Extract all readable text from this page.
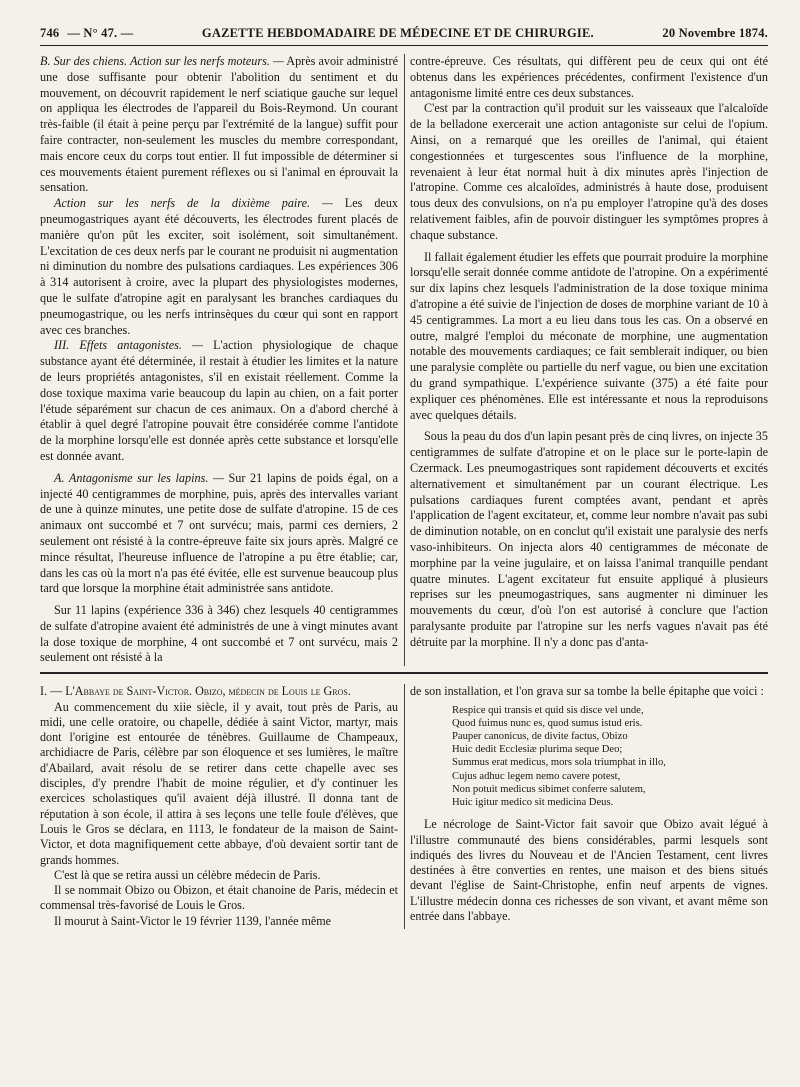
746 — N° 47. —	GAZETTE HEBDOMADAIRE DE MÉDECINE ET DE CHIRURGIE.	20 Novembre 1874.

B. Sur des chiens. Action sur les nerfs moteurs. — Après avoir administré une dose suffisante pour obtenir l'abolition du sentiment et du mouvement, on découvrit rapidement le nerf sciatique gauche sur lequel on appliqua les électrodes de l'appareil du Bois-Reymond. Un courant très-faible (il était à peine perçu par l'extrémité de la langue) suffit pour faire contracter, non-seulement les muscles du membre correspondant, mais encore ceux du corps tout entier. Il fut impossible de déterminer si ces mouvements étaient purement réflexes ou si l'animal en éprouvait la sensation.

Action sur les nerfs de la dixième paire. — Les deux pneumogastriques ayant été découverts, les électrodes furent placés de manière qu'on pût les exciter, soit isolément, soit simultanément. L'excitation de ces deux nerfs par le courant ne produisit ni augmentation ni diminution du nombre des pulsations cardiaques. Les expériences 306 à 314 autorisent à croire, avec la plupart des physiologistes modernes, que le sulfate d'atropine agit en paralysant les branches cardiaques du pneumogastrique, ou les nerfs intrinsèques du cœur qui sont en rapport avec ces branches.

III. Effets antagonistes. — L'action physiologique de chaque substance ayant été déterminée, il restait à étudier les limites et la nature de leurs propriétés antagonistes, s'il en existait réellement. Comme la dose toxique maxima varie beaucoup du lapin au chien, on a fait porter l'étude séparément sur chacun de ces animaux. On a d'abord cherché à établir à quel degré l'atropine pouvait être considérée comme l'antidote de la morphine lorsqu'elle est donnée après cette substance et lorsqu'elle est donnée avant.

A. Antagonisme sur les lapins. — Sur 21 lapins de poids égal, on a injecté 40 centigrammes de morphine, puis, après des intervalles variant de une à quinze minutes, une petite dose de sulfate d'atropine. 15 de ces animaux ont succombé et 7 ont survécu; mais, parmi ces derniers, 2 seulement ont résisté à la contre-épreuve faite six jours après. Malgré ce mince résultat, l'heureuse influence de l'atropine a pu être établie; car, dans les cas où la mort n'a pas été évitée, elle est survenue beaucoup plus tard que lorsque la morphine était administrée sans antidote.

Sur 11 lapins (expérience 336 à 346) chez lesquels 40 centigrammes de sulfate d'atropine avaient été administrés de une à vingt minutes avant la dose toxique de morphine, 4 ont succombé et 7 ont survécu, mais 2 seulement ont résisté à la

contre-épreuve. Ces résultats, qui diffèrent peu de ceux qui ont été obtenus dans les expériences précédentes, confirment l'existence d'un antagonisme limité entre ces deux substances.

C'est par la contraction qu'il produit sur les vaisseaux que l'alcaloïde de la belladone exercerait une action antagoniste sur celui de l'opium. Ainsi, on a remarqué que les oreilles de l'animal, qui étaient congestionnées et turgescentes sous l'influence de la morphine, revenaient à leur état normal huit à dix minutes après l'injection de l'atropine. Comme ces alcaloïdes, administrés à haute dose, produisent tous deux des convulsions, on n'a pu employer l'atropine qu'à des doses relativement faibles, afin de pouvoir distinguer les symptômes propres à chaque substance.

Il fallait également étudier les effets que pourrait produire la morphine lorsqu'elle serait donnée comme antidote de l'atropine. On a expérimenté sur dix lapins chez lesquels l'administration de la dose toxique minima d'atropine a été suivie de l'injection de doses de morphine variant de 10 à 45 centigrammes. La mort a eu lieu dans tous les cas. On a observé en outre, malgré l'emploi du méconate de morphine, une augmentation notable des mouvements cardiaques; ce fait semblerait indiquer, ou bien une paralysie complète ou partielle du nerf vague, ou bien une excitation du grand sympathique. L'expérience suivante (375) a été faite pour expliquer ces phénomènes. Elle est intéressante et nous la reproduisons avec quelques détails.

Sous la peau du dos d'un lapin pesant près de cinq livres, on injecte 35 centigrammes de sulfate d'atropine et on le place sur le porte-lapin de Czermack. Les pneumogastriques sont rapidement découverts et excités alternativement et simultanément par un courant électrique. Les pulsations cardiaques furent comptées avant, pendant et après l'application de l'agent excitateur, et, comme leur nombre n'avait pas subi de diminution notable, on en conclut qu'il existait une paralysie des nerfs vaso-inhibiteurs. On injecta alors 40 centigrammes de méconate de morphine par la veine jugulaire, et on laissa l'animal tranquille pendant quatre minutes. L'agent excitateur fut ensuite appliqué à plusieurs reprises sur les pneumogastriques, sans augmenter ni diminuer les mouvements du cœur, d'où l'on est autorisé à conclure que l'action paralysante produite par l'atropine sur les nerfs vagues n'avait pas été détruite par la morphine. Il n'y a donc pas d'anta-

I. — L'Abbaye de Saint-Victor. Obizo, médecin de Louis le Gros.

Au commencement du xiie siècle, il y avait, tout près de Paris, au midi, une celle oratoire, ou chapelle, dédiée à saint Victor, martyr, mais dont l'origine est entourée de ténèbres. Guillaume de Champeaux, archidiacre de Paris, célèbre par son éloquence et ses lumières, le maître d'Abailard, avait résolu de se retirer dans cette chapelle avec ses disciples, d'y prendre l'habit de moine régulier, et d'y continuer les exercices scholastiques qu'il avaient déjà illustré. Il donna tant de réputation à son école, il attira à ses leçons une telle foule d'élèves, que Louis le Gros se déclara, en 1113, le fondateur de la maison de Saint-Victor, et dota magnifiquement cette abbaye, d'où devaient sortir tant de grands hommes.

C'est là que se retira aussi un célèbre médecin de Paris.

Il se nommait Obizo ou Obizon, et était chanoine de Paris, médecin et commensal très-favorisé de Louis le Gros.

Il mourut à Saint-Victor le 19 février 1139, l'année même

de son installation, et l'on grava sur sa tombe la belle épitaphe que voici :

Respice qui transis et quid sis disce vel unde,
Quod fuimus nunc es, quod sumus istud eris.
Pauper canonicus, de divite factus, Obizo
Huic dedit Ecclesiæ plurima seque Deo;
Summus erat medicus, mors sola triumphat in illo,
Cujus adhuc legem nemo cavere potest,
Non potuit medicus sibimet conferre salutem,
Huic igitur medico sit medicina Deus.

Le nécrologe de Saint-Victor fait savoir que Obizo avait légué à l'illustre communauté des biens considérables, parmi lesquels sont indiqués des livres du Nouveau et de l'Ancien Testament, cent livres destinées à être converties en rentes, une maison et des biens situés devant l'église de Saint-Christophe, enfin neuf arpents de vignes. L'illustre médecin donna ces richesses de son vivant, et avant même son entrée dans l'abbaye.
